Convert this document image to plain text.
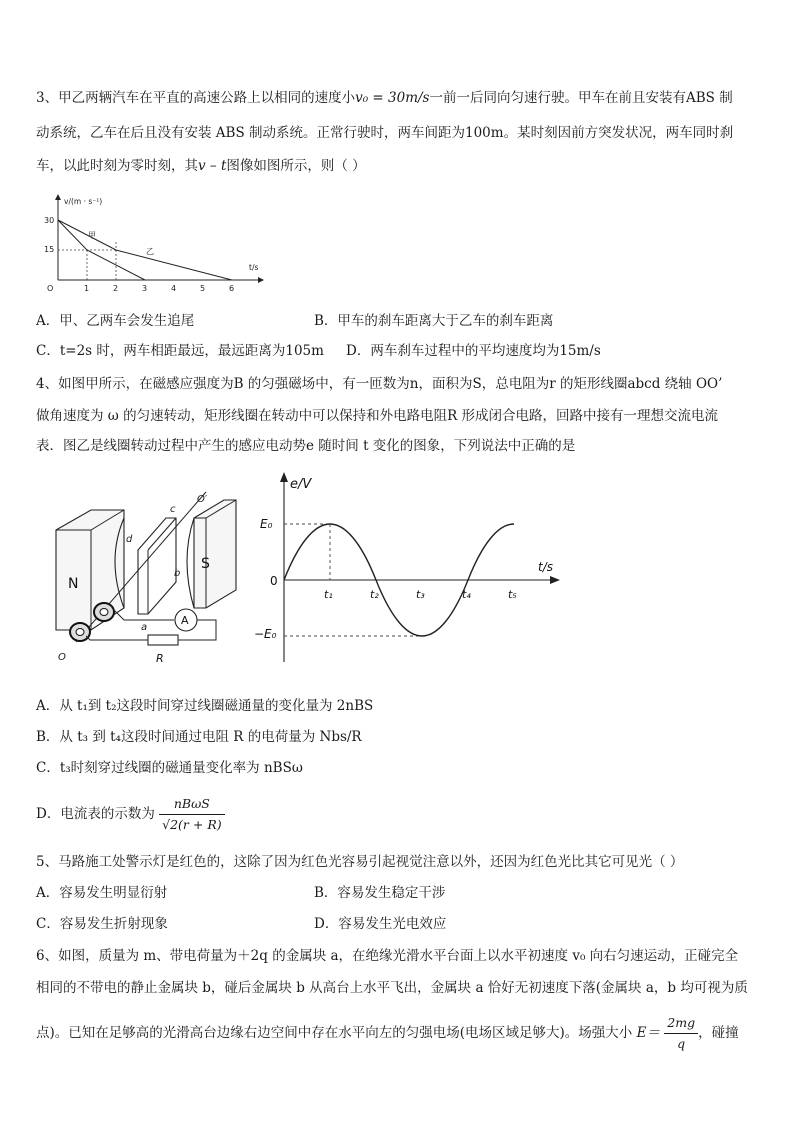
3、甲乙两辆汽车在平直的高速公路上以相同的速度小v₀ = 30m/s一前一后同向匀速行驶。甲车在前且安装有ABS 制
动系统，乙车在后且没有安装 ABS 制动系统。正常行驶时，两车间距为100m。某时刻因前方突发状况，两车同时刹
车，以此时刻为零时刻，其v – t图像如图所示，则（ ）
v/(m · s⁻¹)
t/s
30
15
O	1	2	3	4	5	6
甲
乙
A．甲、乙两车会发生追尾	B．甲车的刹车距离大于乙车的刹车距离
C．t=2s 时，两车相距最远，最远距离为105m D．两车刹车过程中的平均速度均为15m/s
4、如图甲所示，在磁感应强度为B 的匀强磁场中，有一匝数为n，面积为S，总电阻为r 的矩形线圈abcd 绕轴 OO’
做角速度为 ω 的匀速转动，矩形线圈在转动中可以保持和外电路电阻R 形成闭合电路，回路中接有一理想交流电流
表．图乙是线圈转动过程中产生的感应电动势e 随时间 t 变化的图象，下列说法中正确的是
N
S
O′
O
c
d
b
a
A
R
e/V
t/s
E₀
−E₀
0
t₁	t₂	t₃	t₄	t₅
A．从 t₁到 t₂这段时间穿过线圈磁通量的变化量为 2nBS
B．从 t₃ 到 t₄这段时间通过电阻 R 的电荷量为 Nbs/R
C．t₃时刻穿过线圈的磁通量变化率为 nBSω
D．电流表的示数为 $\frac{\text{nBωS}}{√2(r + R)}$
5、马路施工处警示灯是红色的，这除了因为红色光容易引起视觉注意以外，还因为红色光比其它可见光（ ）
A．容易发生明显衍射	B．容易发生稳定干涉
C．容易发生折射现象	D．容易发生光电效应
6、如图，质量为 m、带电荷量为＋2q 的金属块 a，在绝缘光滑水平台面上以水平初速度 v₀ 向右匀速运动，正碰完全
相同的不带电的静止金属块 b，碰后金属块 b 从高台上水平飞出，金属块 a 恰好无初速度下落(金属块 a，b 均可视为质
点)。已知在足够高的光滑高台边缘右边空间中存在水平向左的匀强电场(电场区域足够大)。场强大小 $E= \frac{2mg}{q}$ ，碰撞
